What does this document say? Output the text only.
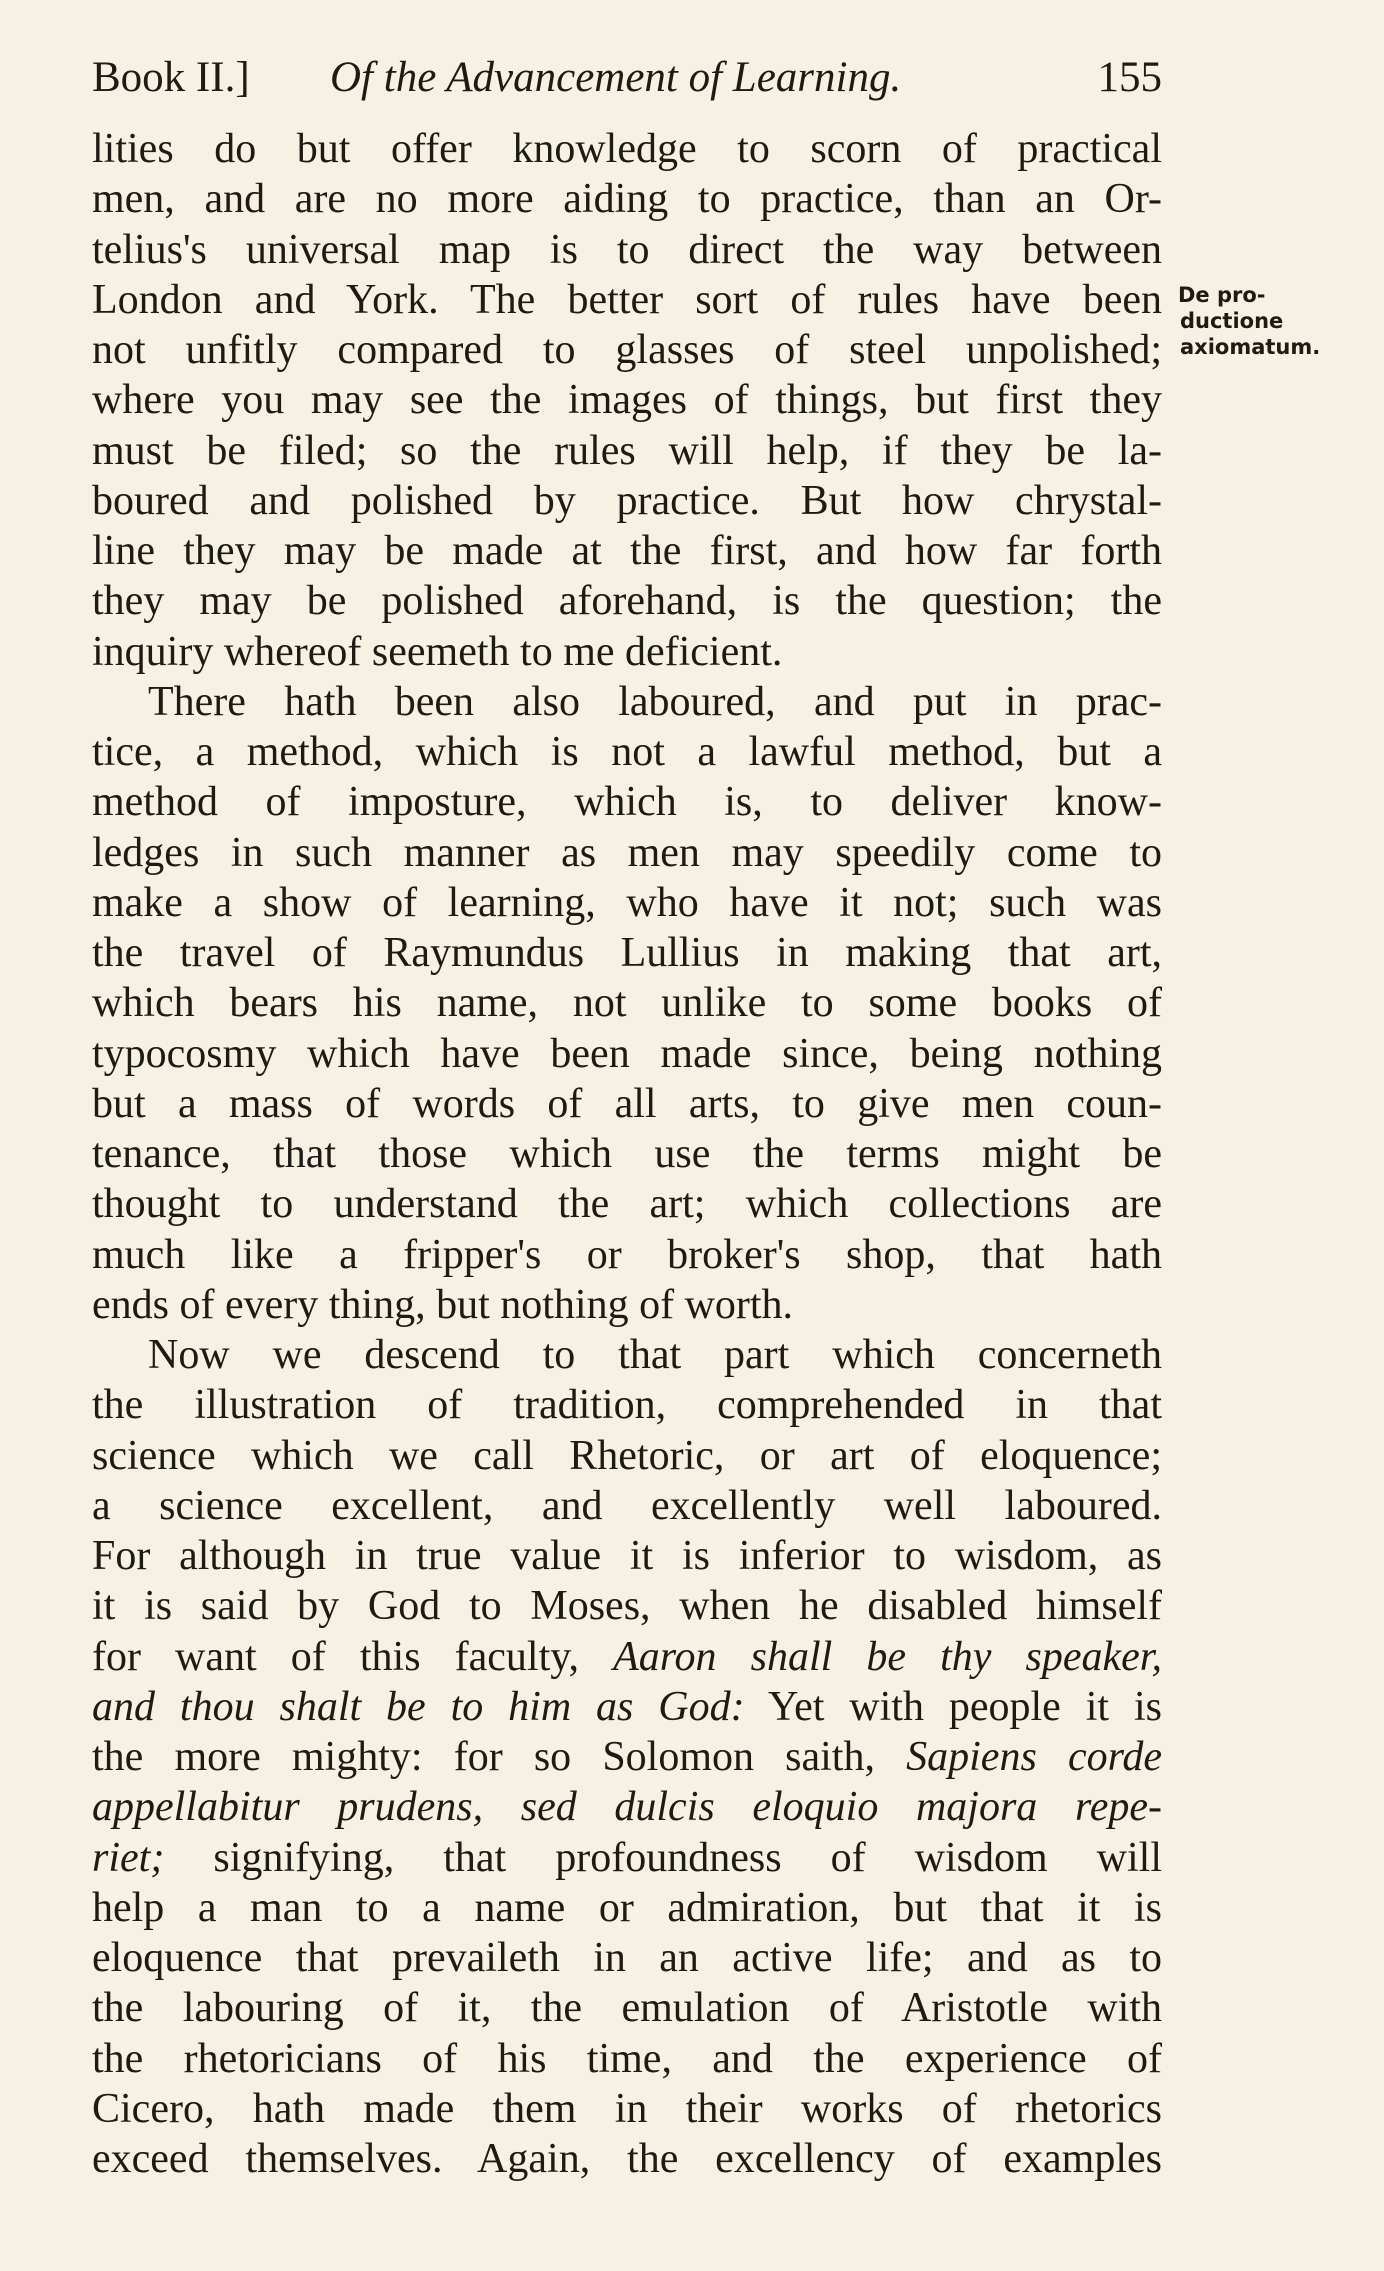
Book II.] Of the Advancement of Learning.	155
lities do but offer knowledge to scorn of practical
men, and are no more aiding to practice, than an Or-
telius's universal map is to direct the way between
London and York. The better sort of rules have been
not unfitly compared to glasses of steel unpolished;
where you may see the images of things, but first they
must be filed; so the rules will help, if they be la-
boured and polished by practice. But how chrystal-
line they may be made at the first, and how far forth
they may be polished aforehand, is the question; the
inquiry whereof seemeth to me deficient.
There hath been also laboured, and put in prac-
tice, a method, which is not a lawful method, but a
method of imposture, which is, to deliver know-
ledges in such manner as men may speedily come to
make a show of learning, who have it not; such was
the travel of Raymundus Lullius in making that art,
which bears his name, not unlike to some books of
typocosmy which have been made since, being nothing
but a mass of words of all arts, to give men coun-
tenance, that those which use the terms might be
thought to understand the art; which collections are
much like a fripper's or broker's shop, that hath
ends of every thing, but nothing of worth.
Now we descend to that part which concerneth
the illustration of tradition, comprehended in that
science which we call Rhetoric, or art of eloquence;
a science excellent, and excellently well laboured.
For although in true value it is inferior to wisdom, as
it is said by God to Moses, when he disabled himself
for want of this faculty, Aaron shall be thy speaker,
and thou shalt be to him as God: Yet with people it is
the more mighty: for so Solomon saith, Sapiens corde
appellabitur prudens, sed dulcis eloquio majora repe-
riet; signifying, that profoundness of wisdom will
help a man to a name or admiration, but that it is
eloquence that prevaileth in an active life; and as to
the labouring of it, the emulation of Aristotle with
the rhetoricians of his time, and the experience of
Cicero, hath made them in their works of rhetorics
exceed themselves. Again, the excellency of examples
De pro-
ductione
axiomatum.
